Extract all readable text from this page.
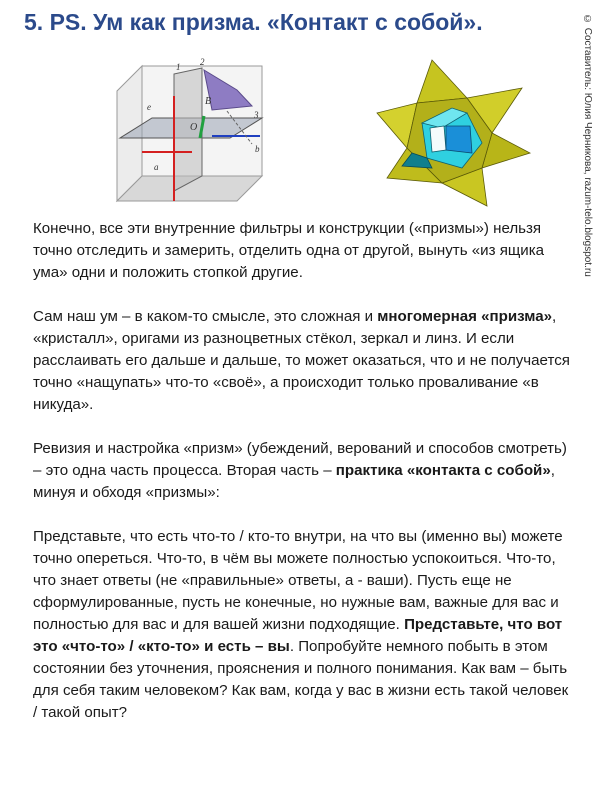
5. PS. Ум как призма. «Контакт с собой».	© Составитель: Юлия Черникова, razum-telo.blogspot.ru
1 2
3
B
O
e
b
a

Конечно, все эти внутренние фильтры и конструкции («призмы») нельзя точно отследить и замерить, отделить одна от другой, вынуть «из ящика ума» одни и положить стопкой другие.

Сам наш ум – в каком-то смысле, это сложная и многомерная «призма», «кристалл», оригами из разноцветных стёкол, зеркал и линз. И если расслаивать его дальше и дальше, то может оказаться, что и не получается точно «нащупать» что-то «своё», а происходит только проваливание «в никуда».

Ревизия и настройка «призм» (убеждений, верований и способов смотреть) – это одна часть процесса. Вторая часть – практика «контакта с собой», минуя и обходя «призмы»:

Представьте, что есть что-то / кто-то внутри, на что вы (именно вы) можете точно опереться. Что-то, в чём вы можете полностью успокоиться. Что-то, что знает ответы (не «правильные» ответы, а - ваши). Пусть еще не сформулированные, пусть не конечные, но нужные вам, важные для вас и полностью для вас и для вашей жизни подходящие. Представьте, что вот это «что-то» / «кто-то» и есть – вы. Попробуйте немного побыть в этом состоянии без уточнения, прояснения и полного понимания. Как вам – быть для себя таким человеком? Как вам, когда у вас в жизни есть такой человек / такой опыт?
